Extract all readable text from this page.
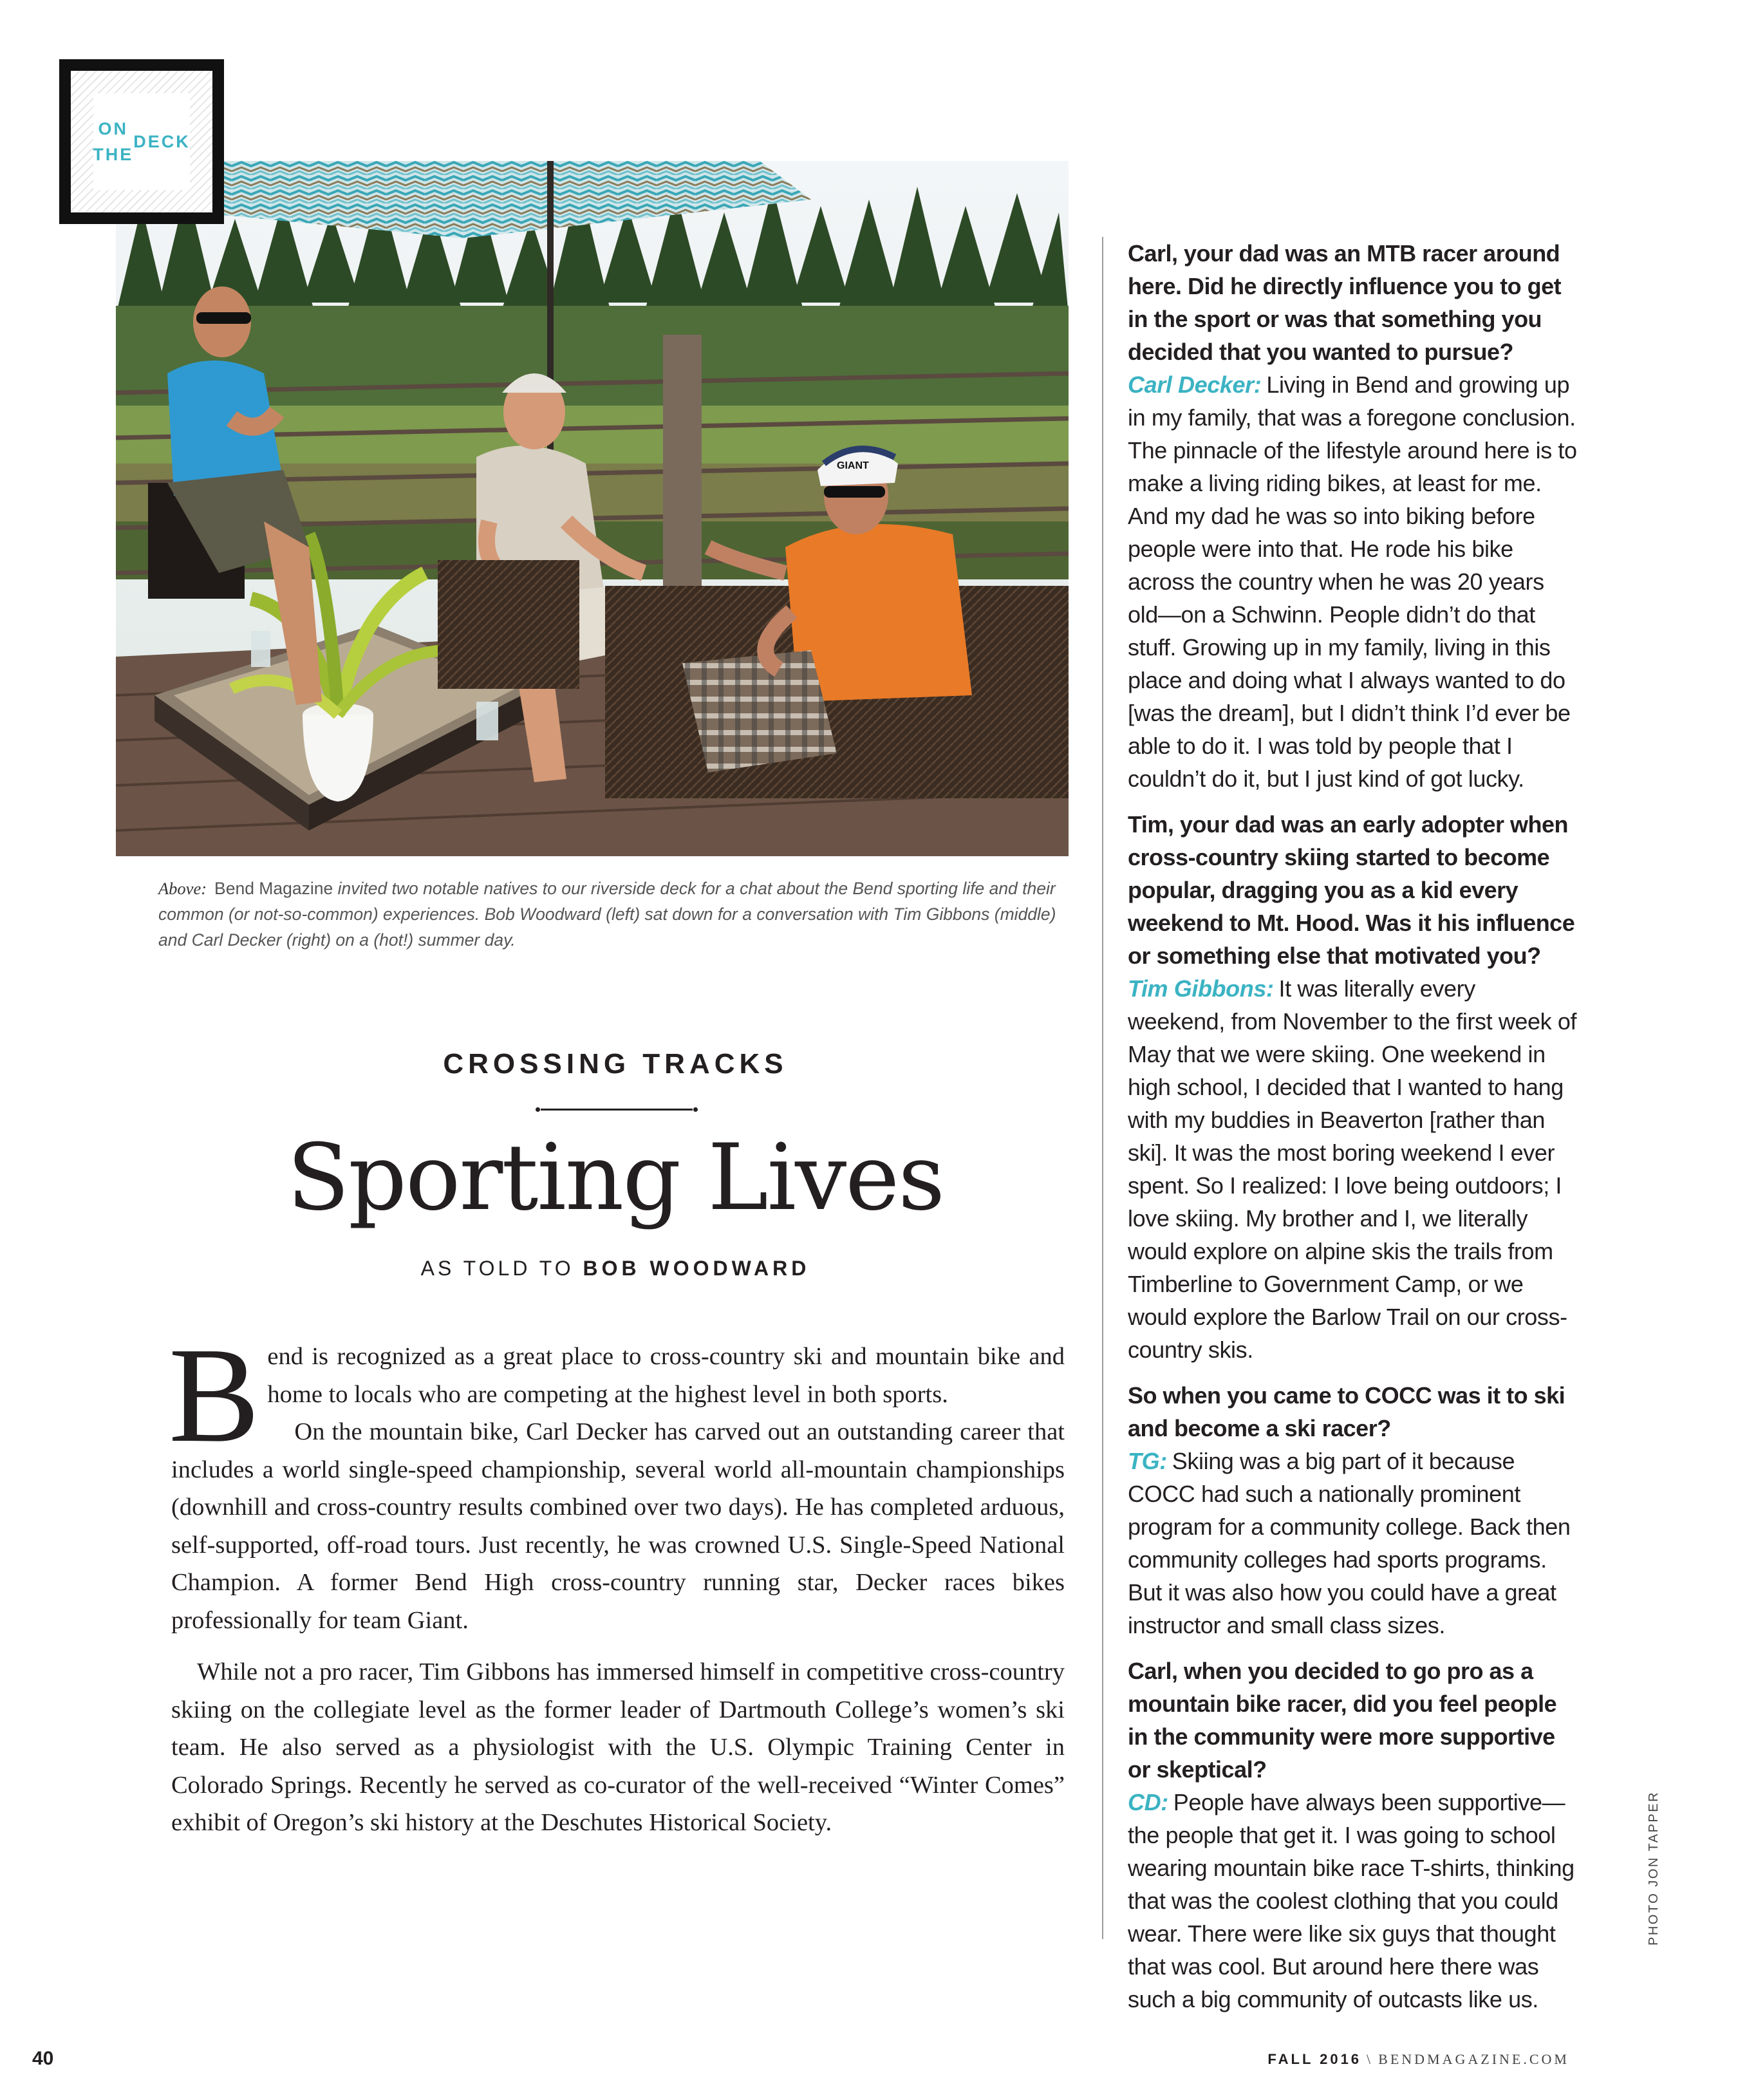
ON THE

DECK

GIANT

Above: Bend Magazine invited two notable natives to our riverside deck for a chat about the Bend sporting life and their common (or not-so-common) experiences. Bob Woodward (left) sat down for a conversation with Tim Gibbons (middle) and Carl Decker (right) on a (hot!) summer day.

CROSSING TRACKS

Sporting Lives

AS TOLD TO BOB WOODWARD

Bend is recognized as a great place to cross-country ski and mountain bike and home to locals who are competing at the highest level in both sports.

On the mountain bike, Carl Decker has carved out an outstanding career that includes a world single-speed championship, several world all-mountain championships (downhill and cross-country results combined over two days). He has completed arduous, self-supported, off-road tours. Just recently, he was crowned U.S. Single-Speed National Champion. A former Bend High cross-country running star, Decker races bikes professionally for team Giant.

While not a pro racer, Tim Gibbons has immersed himself in competitive cross-country skiing on the collegiate level as the former leader of Dartmouth College’s women’s ski team. He also served as a physiologist with the U.S. Olympic Training Center in Colorado Springs. Recently he served as co-curator of the well-received “Winter Comes” exhibit of Oregon’s ski history at the Deschutes Historical Society.

Carl, your dad was an MTB racer around here. Did he directly influence you to get in the sport or was that something you decided that you wanted to pursue?

Carl Decker: Living in Bend and growing up in my family, that was a foregone conclusion. The pinnacle of the lifestyle around here is to make a living riding bikes, at least for me. And my dad he was so into biking before people were into that. He rode his bike across the country when he was 20 years old—on a Schwinn. People didn’t do that stuff. Growing up in my family, living in this place and doing what I always wanted to do [was the dream], but I didn’t think I’d ever be able to do it. I was told by people that I couldn’t do it, but I just kind of got lucky.

Tim, your dad was an early adopter when cross-country skiing started to become popular, dragging you as a kid every weekend to Mt. Hood. Was it his influence or something else that motivated you?

Tim Gibbons: It was literally every weekend, from November to the first week of May that we were skiing. One weekend in high school, I decided that I wanted to hang with my buddies in Beaverton [rather than ski]. It was the most boring weekend I ever spent. So I realized: I love being outdoors; I love skiing. My brother and I, we literally would explore on alpine skis the trails from Timberline to Government Camp, or we would explore the Barlow Trail on our cross-country skis.

So when you came to COCC was it to ski and become a ski racer?

TG: Skiing was a big part of it because COCC had such a nationally prominent program for a community college. Back then community colleges had sports programs. But it was also how you could have a great instructor and small class sizes.

Carl, when you decided to go pro as a mountain bike racer, did you feel people in the community were more supportive or skeptical?

CD: People have always been supportive—the people that get it. I was going to school wearing mountain bike race T-shirts, thinking that was the coolest clothing that you could wear. There were like six guys that thought that was cool. But around here there was such a big community of outcasts like us.

PHOTO JON TAPPER

40	FALL 2016 \ BENDMAGAZINE.COM
